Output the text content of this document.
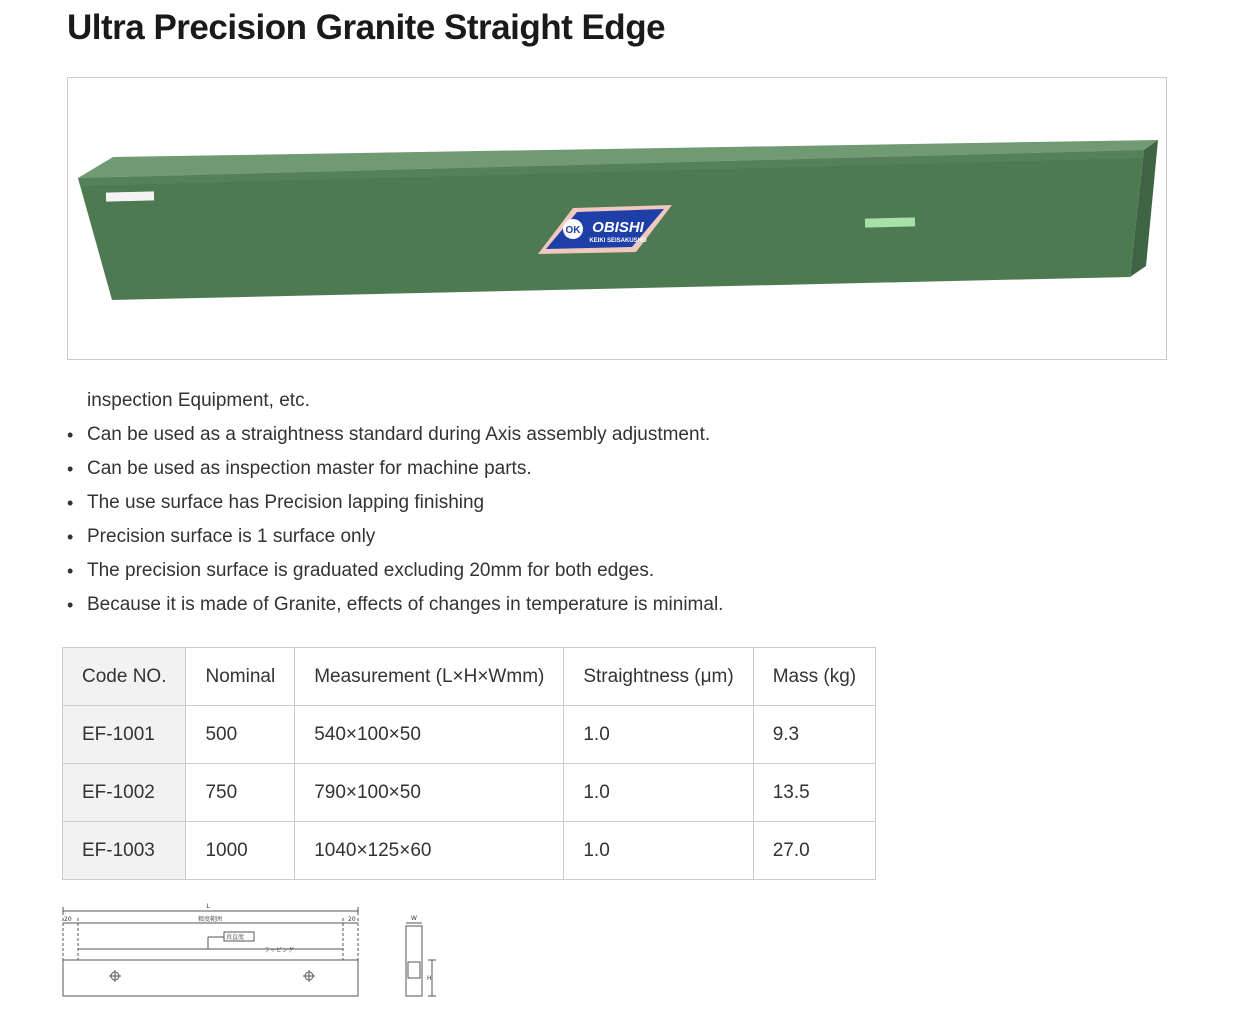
Ultra Precision Granite Straight Edge
OK OBISHI
KEIKI SEISAKUSHO
inspection Equipment, etc.
• Can be used as a straightness standard during Axis assembly adjustment.
• Can be used as inspection master for machine parts.
• The use surface has Precision lapping finishing
• Precision surface is 1 surface only
• The precision surface is graduated excluding 20mm for both edges.
• Because it is made of Granite, effects of changes in temperature is minimal.
Code NO.	Nominal	Measurement (L×H×Wmm)	Straightness (μm)	Mass (kg)
EF-1001	500	540×100×50	1.0	9.3
EF-1002	750	790×100×50	1.0	13.5
EF-1003	1000	1040×125×60	1.0	27.0
L
20	20
精度範囲
真直度
ラッピング
W
H
